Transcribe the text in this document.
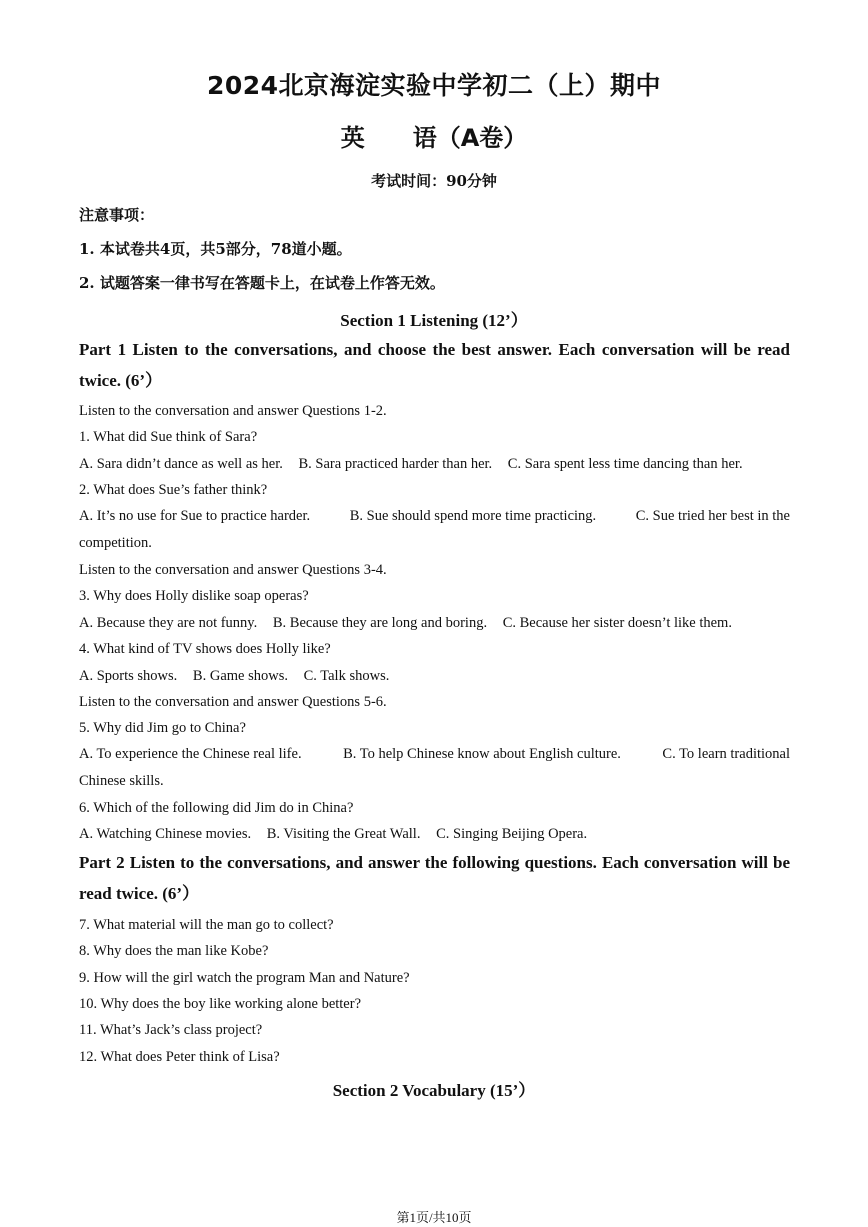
2024北京海淀实验中学初二（上）期中
英　　语（A卷）
考试时间：90分钟
注意事项：
1. 本试卷共4页，共5部分，78道小题。
2. 试题答案一律书写在答题卡上，在试卷上作答无效。
Section 1 Listening (12’）
Part 1 Listen to the conversations, and choose the best answer. Each conversation will be read twice. (6’）
Listen to the conversation and answer Questions 1-2.
1. What did Sue think of Sara?
A. Sara didn’t dance as well as her. B. Sara practiced harder than her. C. Sara spent less time dancing than her.
2. What does Sue’s father think?
A. It’s no use for Sue to practice harder.	B. Sue should spend more time practicing.	C. Sue tried her best in the
competition.
Listen to the conversation and answer Questions 3-4.
3. Why does Holly dislike soap operas?
A. Because they are not funny. B. Because they are long and boring. C. Because her sister doesn’t like them.
4. What kind of TV shows does Holly like?
A. Sports shows. B. Game shows. C. Talk shows.
Listen to the conversation and answer Questions 5-6.
5. Why did Jim go to China?
A. To experience the Chinese real life.	B. To help Chinese know about English culture.	C. To learn traditional
Chinese skills.
6. Which of the following did Jim do in China?
A. Watching Chinese movies. B. Visiting the Great Wall. C. Singing Beijing Opera.
Part 2 Listen to the conversations, and answer the following questions. Each conversation will be read twice. (6’）
7. What material will the man go to collect?
8. Why does the man like Kobe?
9. How will the girl watch the program Man and Nature?
10. Why does the boy like working alone better?
11. What’s Jack’s class project?
12. What does Peter think of Lisa?
Section 2 Vocabulary (15’）
第1页/共10页
